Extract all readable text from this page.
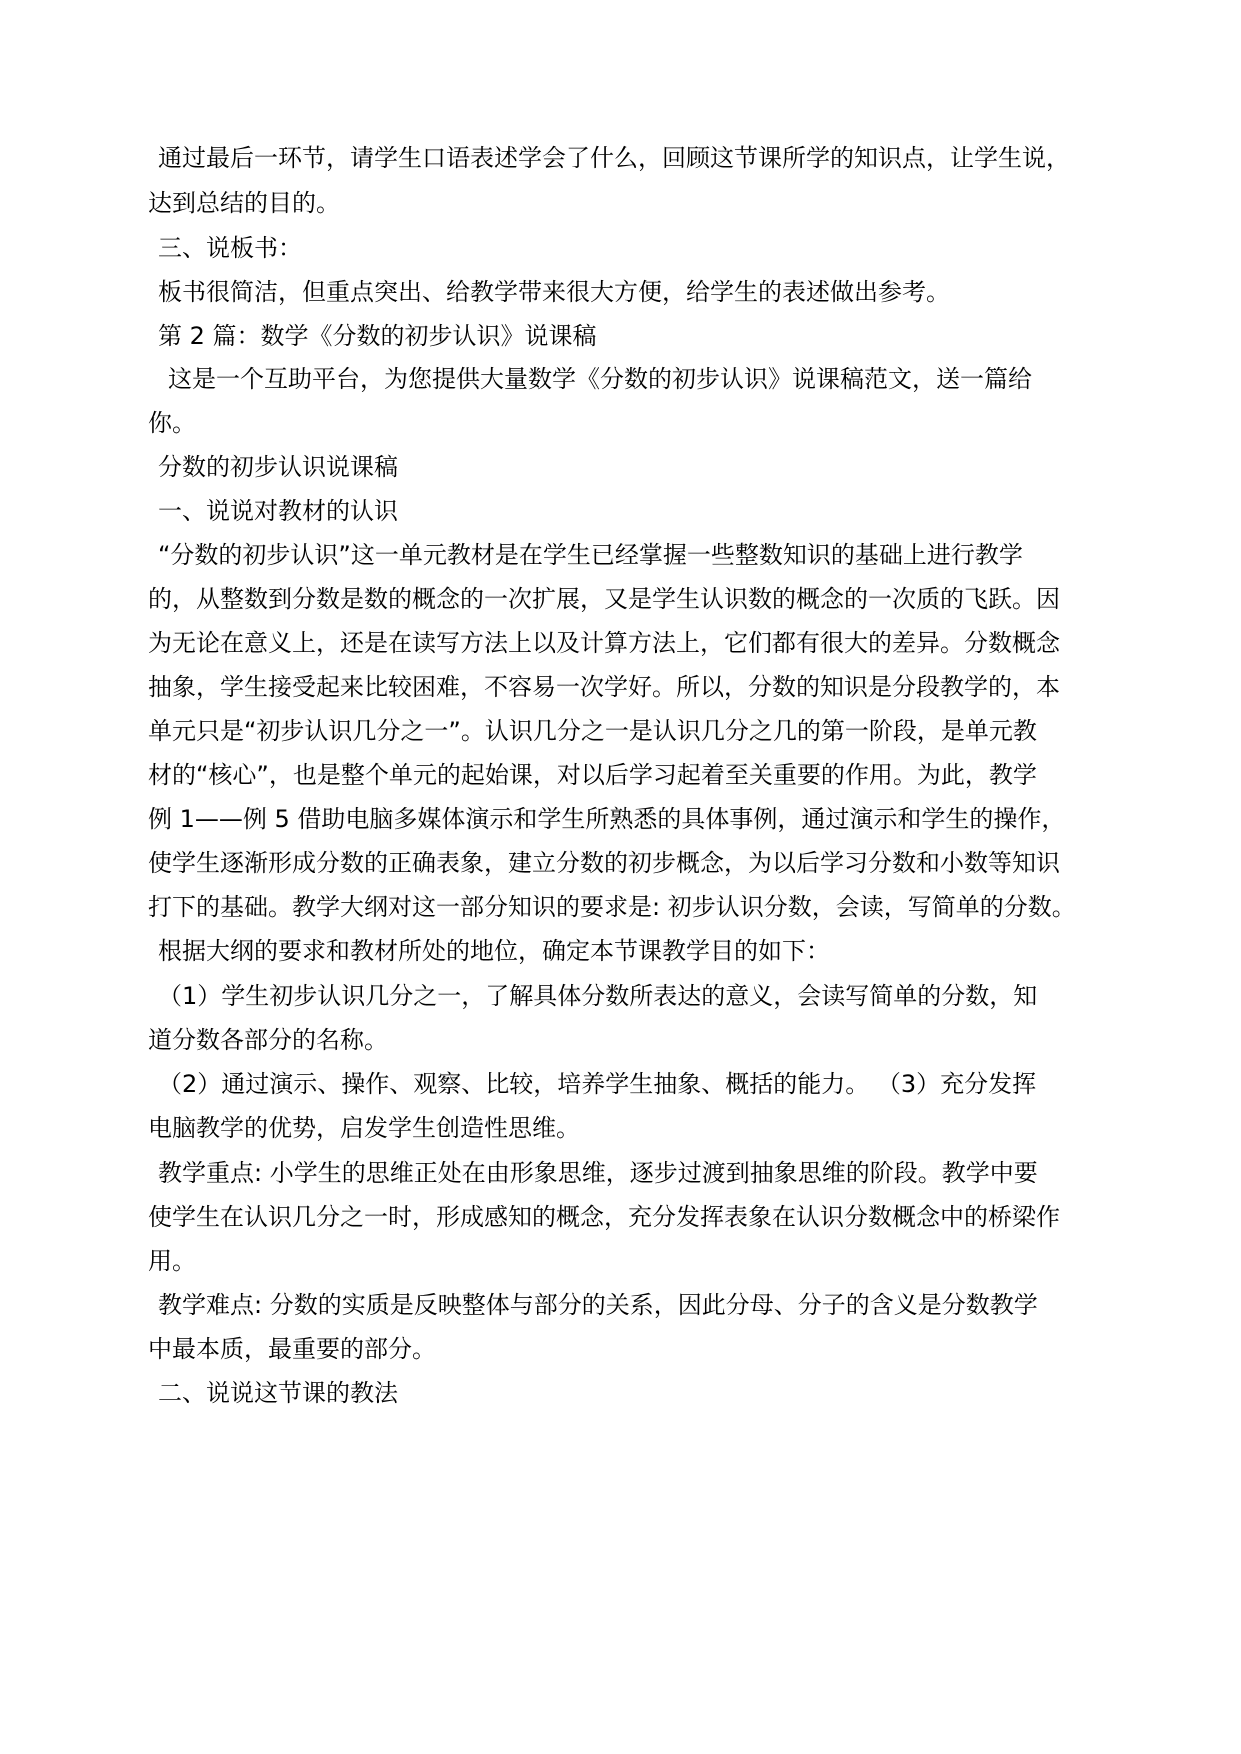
通过最后一环节，请学生口语表述学会了什么，回顾这节课所学的知识点，让学生说，
达到总结的目的。
三、说板书：
板书很简洁，但重点突出、给教学带来很大方便，给学生的表述做出参考。
第 2 篇：数学《分数的初步认识》说课稿
这是一个互助平台，为您提供大量数学《分数的初步认识》说课稿范文，送一篇给
你。
分数的初步认识说课稿
一、说说对教材的认识
“分数的初步认识”这一单元教材是在学生已经掌握一些整数知识的基础上进行教学
的，从整数到分数是数的概念的一次扩展，又是学生认识数的概念的一次质的飞跃。因
为无论在意义上，还是在读写方法上以及计算方法上，它们都有很大的差异。分数概念
抽象，学生接受起来比较困难，不容易一次学好。所以，分数的知识是分段教学的，本
单元只是“初步认识几分之一”。认识几分之一是认识几分之几的第一阶段，是单元教
材的“核心”，也是整个单元的起始课，对以后学习起着至关重要的作用。为此，教学
例 1——例 5 借助电脑多媒体演示和学生所熟悉的具体事例，通过演示和学生的操作，
使学生逐渐形成分数的正确表象，建立分数的初步概念，为以后学习分数和小数等知识
打下的基础。教学大纲对这一部分知识的要求是: 初步认识分数，会读，写简单的分数。
根据大纲的要求和教材所处的地位，确定本节课教学目的如下：
（1）学生初步认识几分之一，了解具体分数所表达的意义，会读写简单的分数，知
道分数各部分的名称。
（2）通过演示、操作、观察、比较，培养学生抽象、概括的能力。 （3）充分发挥
电脑教学的优势，启发学生创造性思维。
教学重点: 小学生的思维正处在由形象思维，逐步过渡到抽象思维的阶段。教学中要
使学生在认识几分之一时，形成感知的概念，充分发挥表象在认识分数概念中的桥梁作
用。
教学难点: 分数的实质是反映整体与部分的关系，因此分母、分子的含义是分数教学
中最本质，最重要的部分。
二、说说这节课的教法
